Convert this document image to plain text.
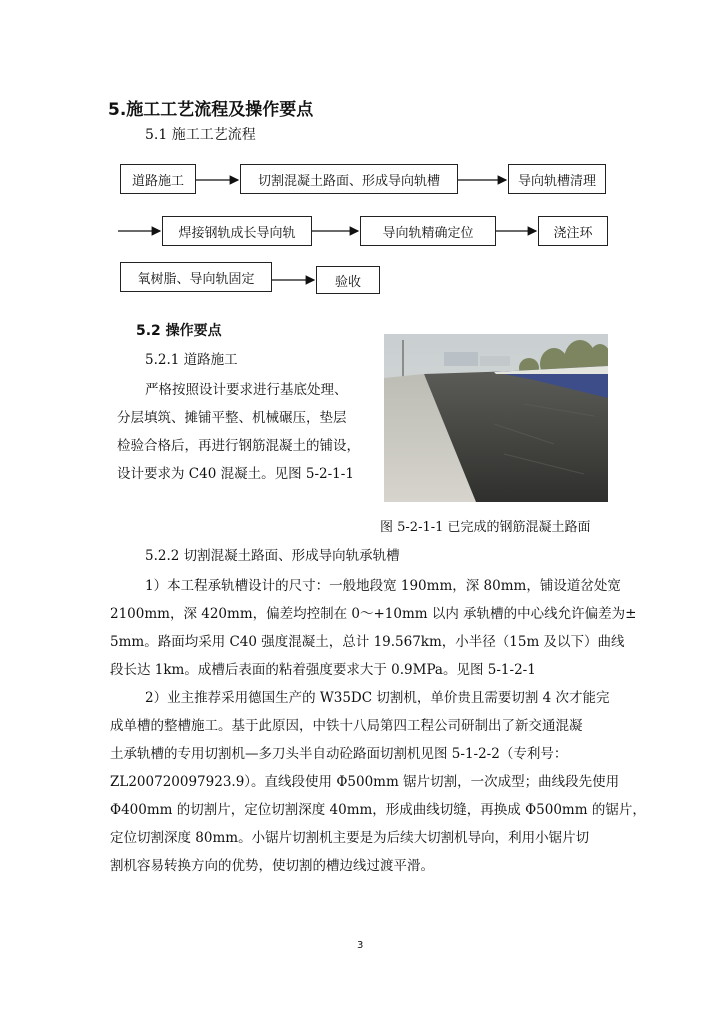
5.施工工艺流程及操作要点
5.1 施工工艺流程
道路施工	切割混凝土路面、形成导向轨槽	导向轨槽清理
焊接钢轨成长导向轨	导向轨精确定位	浇注环
氧树脂、导向轨固定	验收
5.2 操作要点
5.2.1 道路施工
严格按照设计要求进行基底处理、
分层填筑、摊铺平整、机械碾压，垫层
检验合格后，再进行钢筋混凝土的铺设，
设计要求为 C40 混凝土。见图 5-2-1-1
图 5-2-1-1 已完成的钢筋混凝土路面
5.2.2 切割混凝土路面、形成导向轨承轨槽
1）本工程承轨槽设计的尺寸：一般地段宽 190mm，深 80mm，铺设道岔处宽
2100mm，深 420mm，偏差均控制在 0～+10mm 以内 承轨槽的中心线允许偏差为±
5mm。路面均采用 C40 强度混凝土，总计 19.567km，小半径（15m 及以下）曲线
段长达 1km。成槽后表面的粘着强度要求大于 0.9MPa。见图 5-1-2-1
2）业主推荐采用德国生产的 W35DC 切割机，单价贵且需要切割 4 次才能完
成单槽的整槽施工。基于此原因，中铁十八局第四工程公司研制出了新交通混凝
土承轨槽的专用切割机—多刀头半自动砼路面切割机见图 5-1-2-2（专利号：
ZL200720097923.9）。直线段使用 Φ500mm 锯片切割，一次成型；曲线段先使用
Φ400mm 的切割片，定位切割深度 40mm，形成曲线切缝，再换成 Φ500mm 的锯片，
定位切割深度 80mm。小锯片切割机主要是为后续大切割机导向，利用小锯片切
割机容易转换方向的优势，使切割的槽边线过渡平滑。
3
